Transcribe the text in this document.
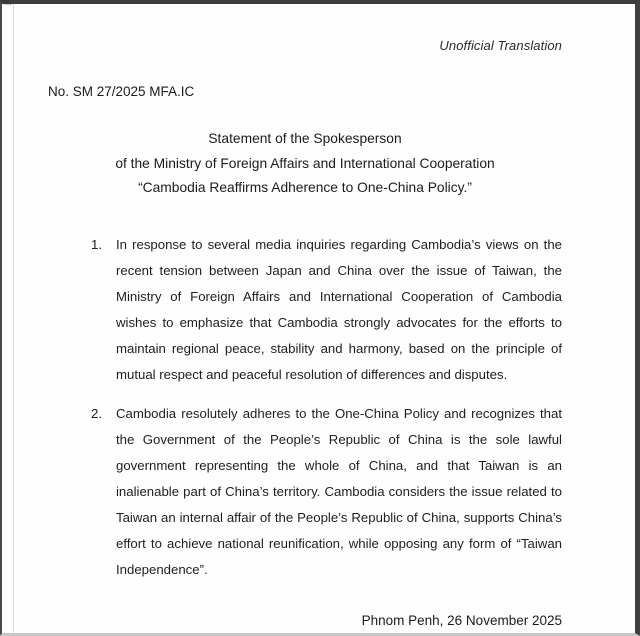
Unofficial Translation
No. SM 27/2025 MFA.IC
Statement of the Spokesperson
of the Ministry of Foreign Affairs and International Cooperation
“Cambodia Reaffirms Adherence to One-China Policy.”
1.	In response to several media inquiries regarding Cambodia’s views on the recent tension between Japan and China over the issue of Taiwan, the Ministry of Foreign Affairs and International Cooperation of Cambodia wishes to emphasize that Cambodia strongly advocates for the efforts to maintain regional peace, stability and harmony, based on the principle of mutual respect and peaceful resolution of differences and disputes.
2.	Cambodia resolutely adheres to the One-China Policy and recognizes that the Government of the People’s Republic of China is the sole lawful government representing the whole of China, and that Taiwan is an inalienable part of China’s territory. Cambodia considers the issue related to Taiwan an internal affair of the People’s Republic of China, supports China’s effort to achieve national reunification, while opposing any form of “Taiwan Independence”.
Phnom Penh, 26 November 2025
